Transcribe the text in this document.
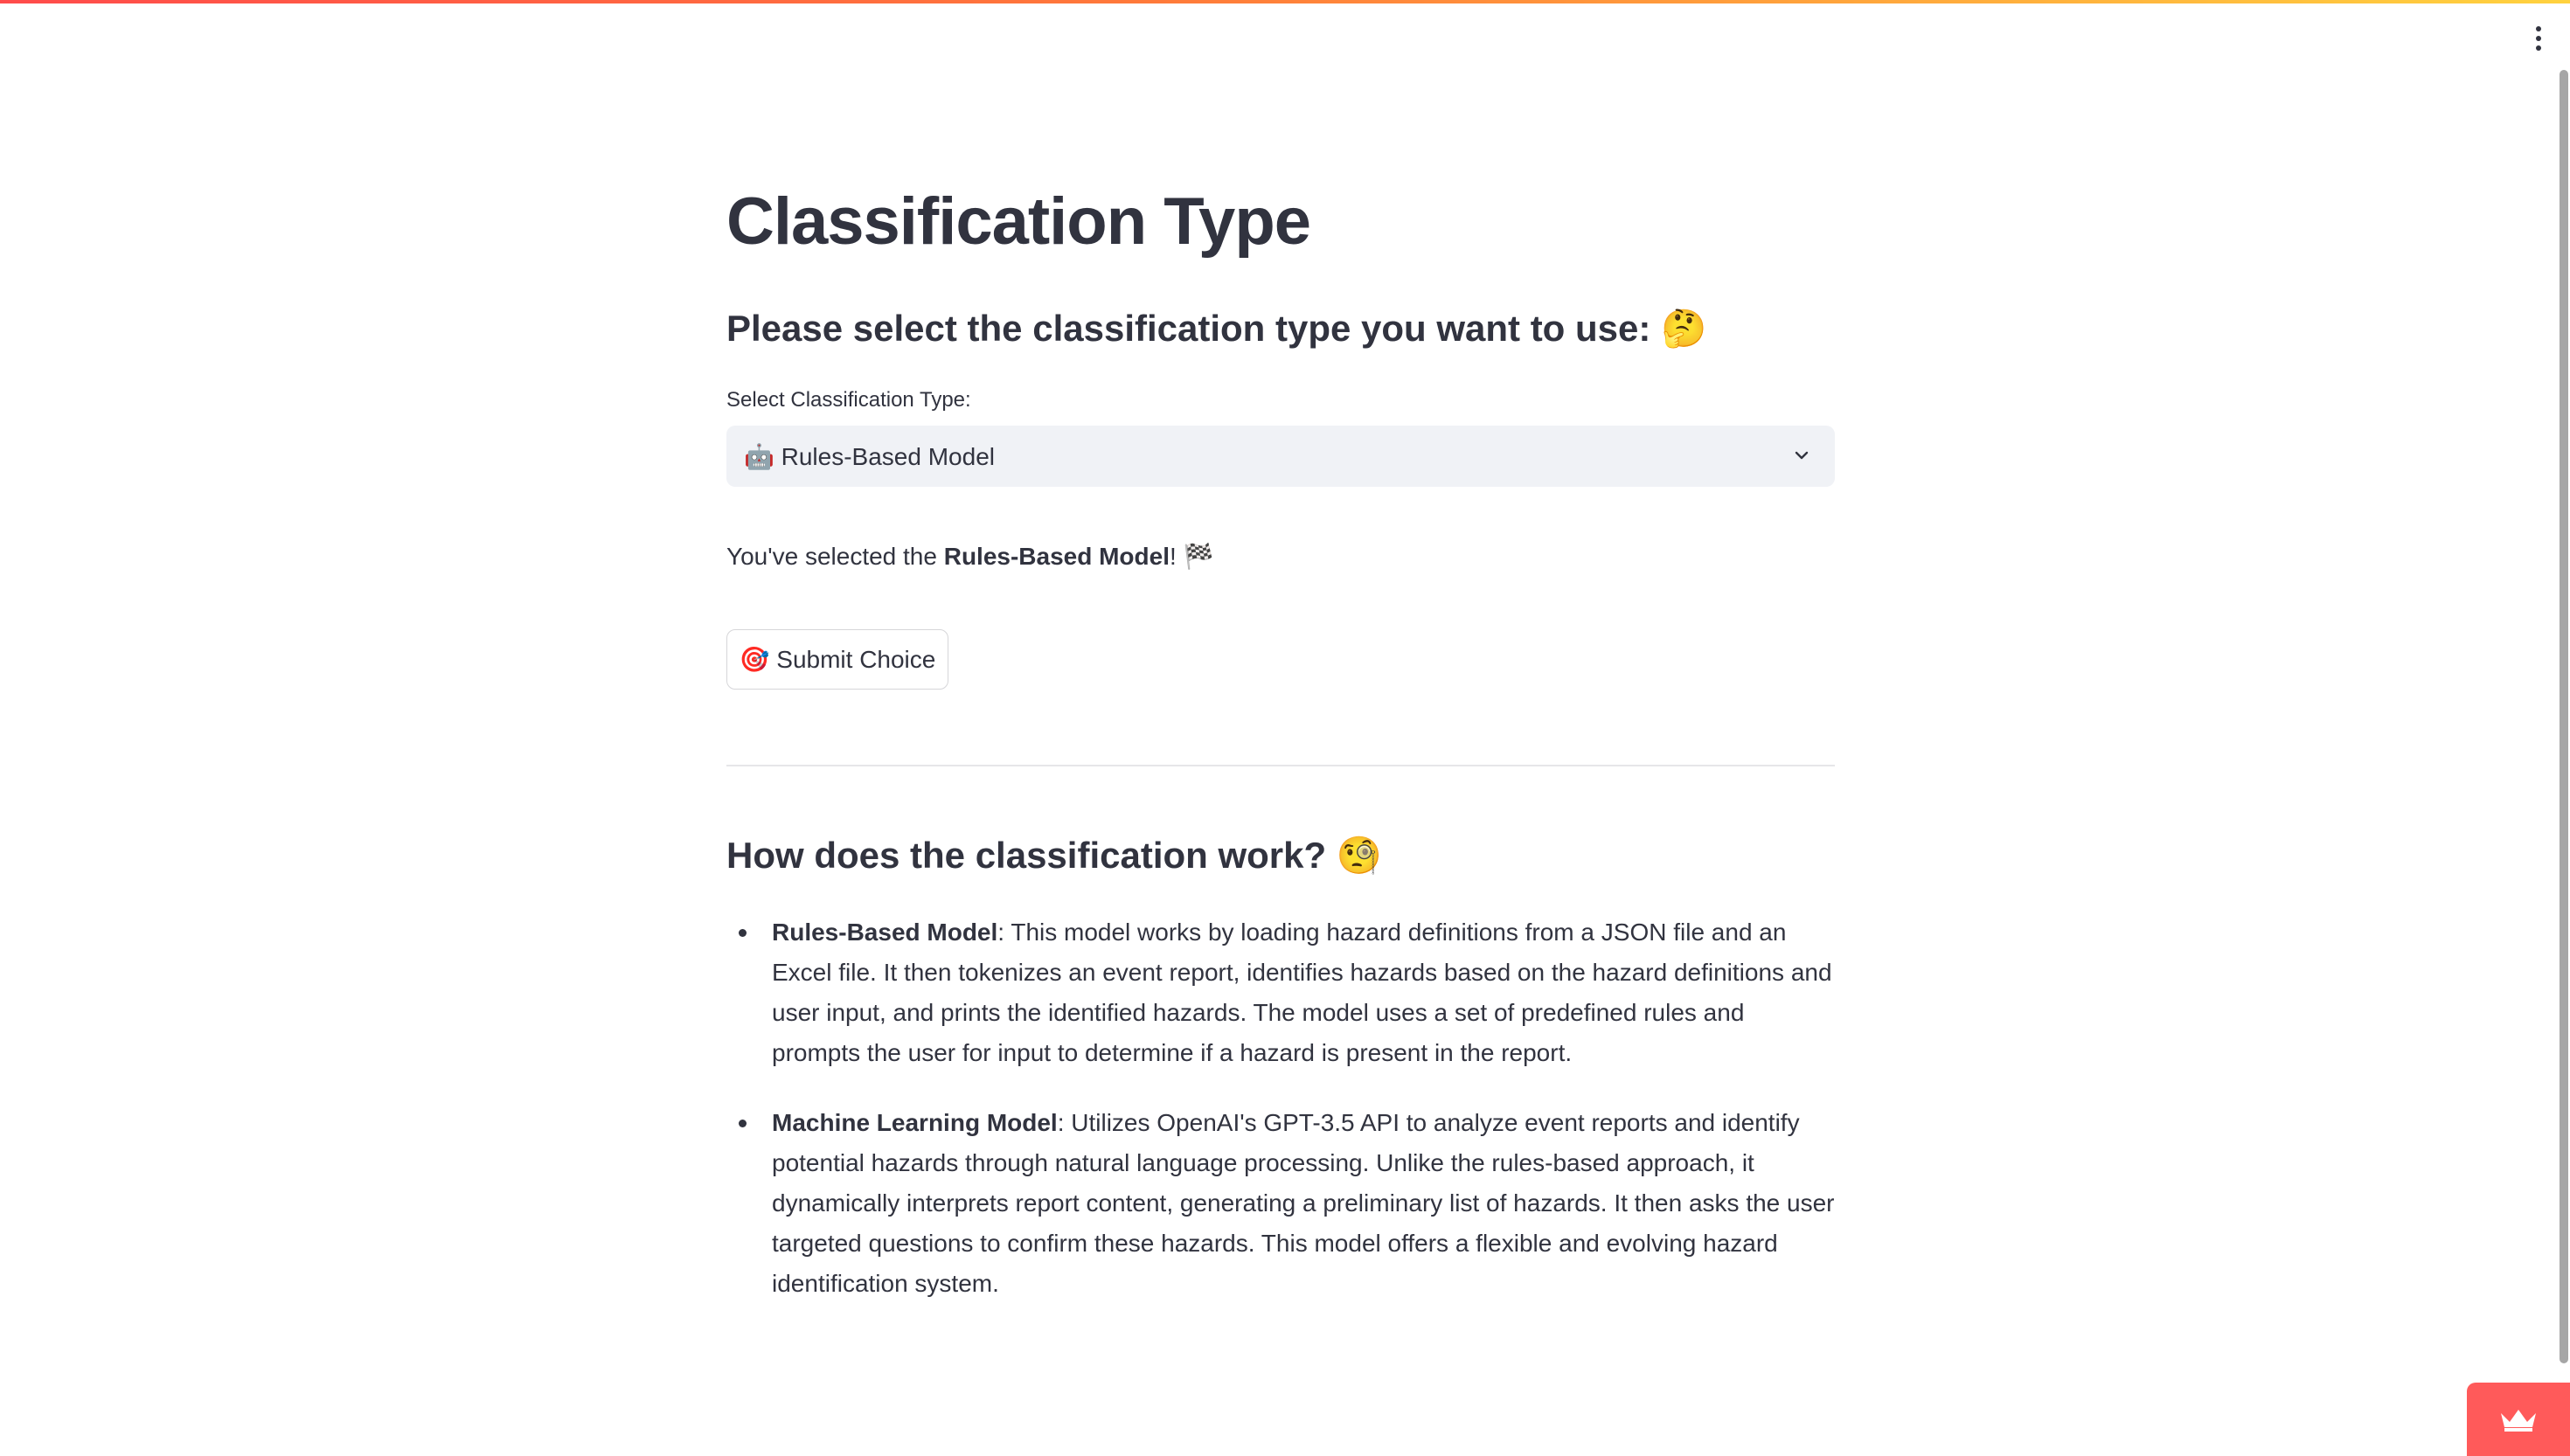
Classification Type
Please select the classification type you want to use: 🤔
Select Classification Type:
🤖 Rules-Based Model

You've selected the Rules-Based Model! 🏁

🎯 Submit Choice
How does the classification work? 🧐
Rules-Based Model: This model works by loading hazard definitions from a JSON file and an Excel file. It then tokenizes an event report, identifies hazards based on the hazard definitions and user input, and prints the identified hazards. The model uses a set of predefined rules and prompts the user for input to determine if a hazard is present in the report.
Machine Learning Model: Utilizes OpenAI's GPT-3.5 API to analyze event reports and identify potential hazards through natural language processing. Unlike the rules-based approach, it dynamically interprets report content, generating a preliminary list of hazards. It then asks the user targeted questions to confirm these hazards. This model offers a flexible and evolving hazard identification system.
